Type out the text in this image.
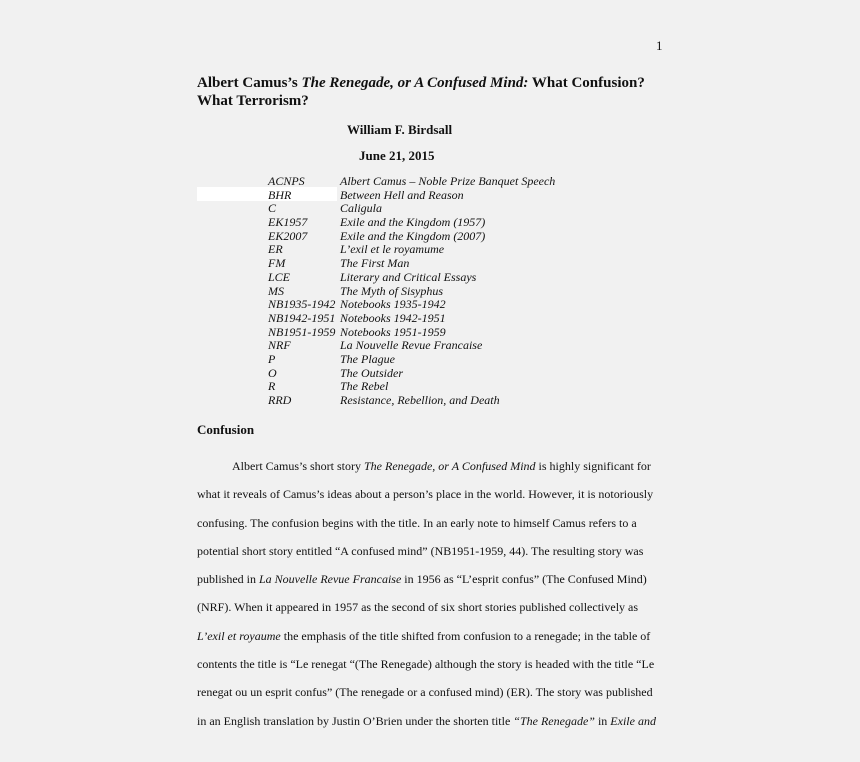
1
Albert Camus’s The Renegade, or A Confused Mind: What Confusion? What Terrorism?
William F. Birdsall
June 21, 2015
ACNPS	Albert Camus – Noble Prize Banquet Speech
BHR	Between Hell and Reason
C	Caligula
EK1957	Exile and the Kingdom (1957)
EK2007	Exile and the Kingdom (2007)
ER	L’exil et le royamume
FM	The First Man
LCE	Literary and Critical Essays
MS	The Myth of Sisyphus
NB1935-1942 Notebooks 1935-1942
NB1942-1951 Notebooks 1942-1951
NB1951-1959 Notebooks 1951-1959
NRF	La Nouvelle Revue Francaise
P	The Plague
O	The Outsider
R	The Rebel
RRD	Resistance, Rebellion, and Death
Confusion
Albert Camus’s short story The Renegade, or A Confused Mind is highly significant for
what it reveals of Camus’s ideas about a person’s place in the world. However, it is notoriously
confusing. The confusion begins with the title. In an early note to himself Camus refers to a
potential short story entitled “A confused mind” (NB1951-1959, 44). The resulting story was
published in La Nouvelle Revue Francaise in 1956 as “L’esprit confus” (The Confused Mind)
(NRF). When it appeared in 1957 as the second of six short stories published collectively as
L’exil et royaume the emphasis of the title shifted from confusion to a renegade; in the table of
contents the title is “Le renegat “(The Renegade) although the story is headed with the title “Le
renegat ou un esprit confus” (The renegade or a confused mind) (ER). The story was published
in an English translation by Justin O’Brien under the shorten title “The Renegade” in Exile and
